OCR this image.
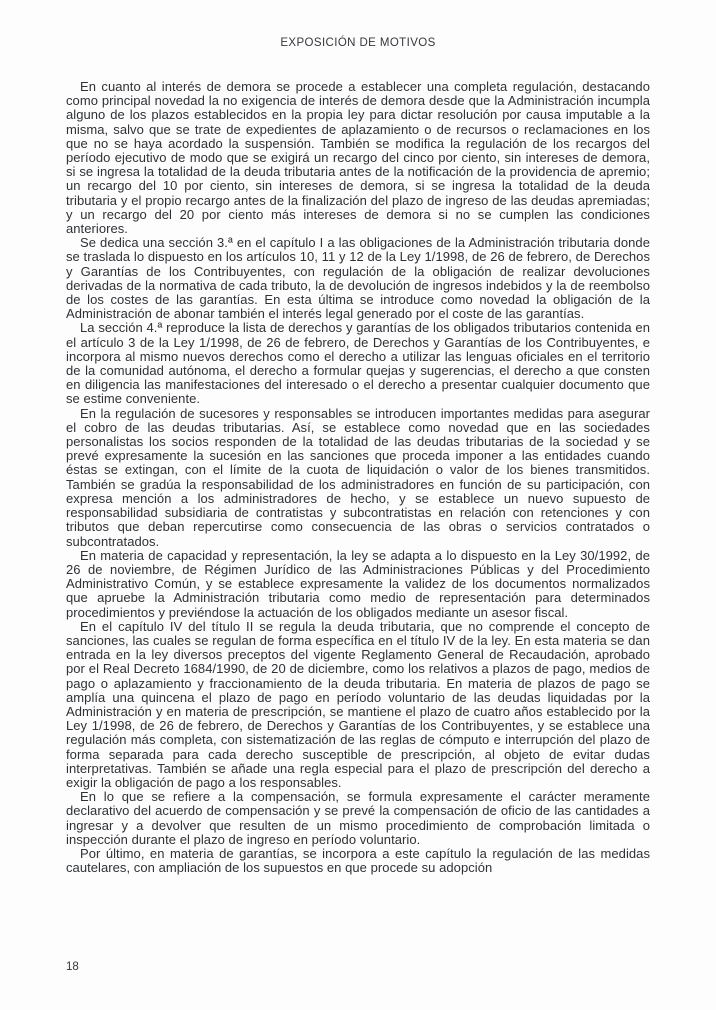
EXPOSICIÓN DE MOTIVOS

En cuanto al interés de demora se procede a establecer una completa regulación, destacando como principal novedad la no exigencia de interés de demora desde que la Administración incumpla alguno de los plazos establecidos en la propia ley para dictar resolución por causa imputable a la misma, salvo que se trate de expedientes de aplazamiento o de recursos o reclamaciones en los que no se haya acordado la suspensión. También se modifica la regulación de los recargos del período ejecutivo de modo que se exigirá un recargo del cinco por ciento, sin intereses de demora, si se ingresa la totalidad de la deuda tributaria antes de la notificación de la providencia de apremio; un recargo del 10 por ciento, sin intereses de demora, si se ingresa la totalidad de la deuda tributaria y el propio recargo antes de la finalización del plazo de ingreso de las deudas apremiadas; y un recargo del 20 por ciento más intereses de demora si no se cumplen las condiciones anteriores.

Se dedica una sección 3.ª en el capítulo I a las obligaciones de la Administración tributaria donde se traslada lo dispuesto en los artículos 10, 11 y 12 de la Ley 1/1998, de 26 de febrero, de Derechos y Garantías de los Contribuyentes, con regulación de la obligación de realizar devoluciones derivadas de la normativa de cada tributo, la de devolución de ingresos indebidos y la de reembolso de los costes de las garantías. En esta última se introduce como novedad la obligación de la Administración de abonar también el interés legal generado por el coste de las garantías.

La sección 4.ª reproduce la lista de derechos y garantías de los obligados tributarios contenida en el artículo 3 de la Ley 1/1998, de 26 de febrero, de Derechos y Garantías de los Contribuyentes, e incorpora al mismo nuevos derechos como el derecho a utilizar las lenguas oficiales en el territorio de la comunidad autónoma, el derecho a formular quejas y sugerencias, el derecho a que consten en diligencia las manifestaciones del interesado o el derecho a presentar cualquier documento que se estime conveniente.

En la regulación de sucesores y responsables se introducen importantes medidas para asegurar el cobro de las deudas tributarias. Así, se establece como novedad que en las sociedades personalistas los socios responden de la totalidad de las deudas tributarias de la sociedad y se prevé expresamente la sucesión en las sanciones que proceda imponer a las entidades cuando éstas se extingan, con el límite de la cuota de liquidación o valor de los bienes transmitidos. También se gradúa la responsabilidad de los administradores en función de su participación, con expresa mención a los administradores de hecho, y se establece un nuevo supuesto de responsabilidad subsidiaria de contratistas y subcontratistas en relación con retenciones y con tributos que deban repercutirse como consecuencia de las obras o servicios contratados o subcontratados.

En materia de capacidad y representación, la ley se adapta a lo dispuesto en la Ley 30/1992, de 26 de noviembre, de Régimen Jurídico de las Administraciones Públicas y del Procedimiento Administrativo Común, y se establece expresamente la validez de los documentos normalizados que apruebe la Administración tributaria como medio de representación para determinados procedimientos y previéndose la actuación de los obligados mediante un asesor fiscal.

En el capítulo IV del título II se regula la deuda tributaria, que no comprende el concepto de sanciones, las cuales se regulan de forma específica en el título IV de la ley. En esta materia se dan entrada en la ley diversos preceptos del vigente Reglamento General de Recaudación, aprobado por el Real Decreto 1684/1990, de 20 de diciembre, como los relativos a plazos de pago, medios de pago o aplazamiento y fraccionamiento de la deuda tributaria. En materia de plazos de pago se amplía una quincena el plazo de pago en período voluntario de las deudas liquidadas por la Administración y en materia de prescripción, se mantiene el plazo de cuatro años establecido por la Ley 1/1998, de 26 de febrero, de Derechos y Garantías de los Contribuyentes, y se establece una regulación más completa, con sistematización de las reglas de cómputo e interrupción del plazo de forma separada para cada derecho susceptible de prescripción, al objeto de evitar dudas interpretativas. También se añade una regla especial para el plazo de prescripción del derecho a exigir la obligación de pago a los responsables.

En lo que se refiere a la compensación, se formula expresamente el carácter meramente declarativo del acuerdo de compensación y se prevé la compensación de oficio de las cantidades a ingresar y a devolver que resulten de un mismo procedimiento de comprobación limitada o inspección durante el plazo de ingreso en período voluntario.

Por último, en materia de garantías, se incorpora a este capítulo la regulación de las medidas cautelares, con ampliación de los supuestos en que procede su adopción

18
